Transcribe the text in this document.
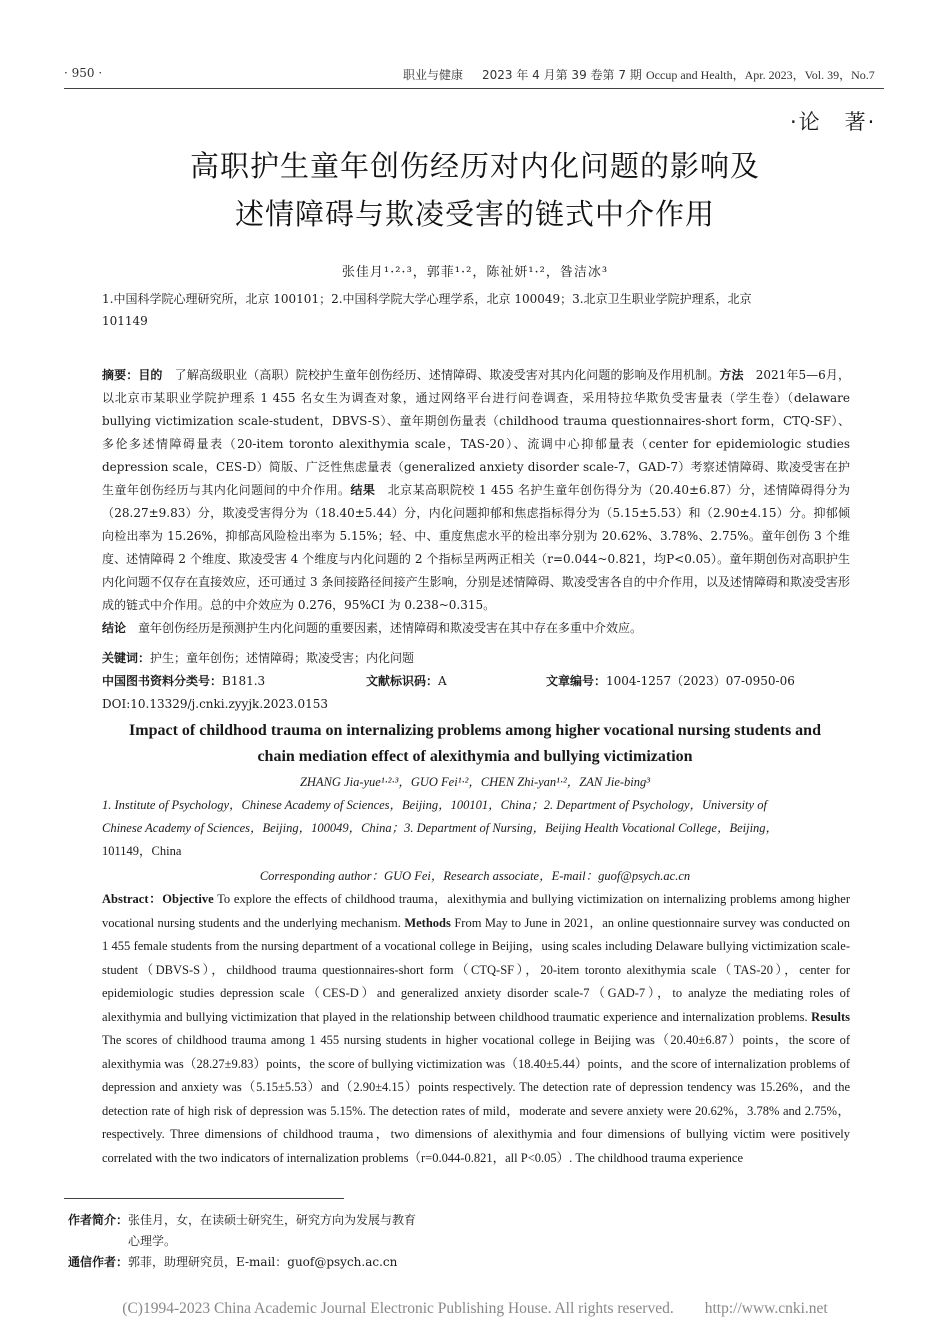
· 950 ·	职业与健康 2023 年 4 月第 39 卷第 7 期 Occup and Health，Apr. 2023，Vol. 39，No.7
·论　著·
高职护生童年创伤经历对内化问题的影响及
述情障碍与欺凌受害的链式中介作用
张佳月¹·²·³，郭菲¹·²，陈祉妍¹·²，昝洁冰³
1.中国科学院心理研究所，北京 100101；2.中国科学院大学心理学系，北京 100049；3.北京卫生职业学院护理系，北京
101149
摘要：目的　 了解高级职业（高职）院校护生童年创伤经历、述情障碍、欺凌受害对其内化问题的影响及作用机制。方法　 2021年5—6月，以北京市某职业学院护理系 1 455 名女生为调查对象，通过网络平台进行问卷调查，采用特拉华欺负受害量表（学生卷）（delaware bullying victimization scale-student，DBVS-S）、童年期创伤量表（childhood trauma questionnaires-short form，CTQ-SF）、多伦多述情障碍量表（20-item toronto alexithymia scale，TAS-20）、流调中心抑郁量表（center for epidemiologic studies depression scale，CES-D）简版、广泛性焦虑量表（generalized anxiety disorder scale-7，GAD-7）考察述情障碍、欺凌受害在护生童年创伤经历与其内化问题间的中介作用。结果　 北京某高职院校 1 455 名护生童年创伤得分为（20.40±6.87）分，述情障碍得分为（28.27±9.83）分，欺凌受害得分为（18.40±5.44）分，内化问题抑郁和焦虑指标得分为（5.15±5.53）和（2.90±4.15）分。抑郁倾向检出率为 15.26%，抑郁高风险检出率为 5.15%；轻、中、重度焦虑水平的检出率分别为 20.62%、3.78%、2.75%。童年创伤 3 个维度、述情障碍 2 个维度、欺凌受害 4 个维度与内化问题的 2 个指标呈两两正相关（r=0.044~0.821，均P<0.05）。童年期创伤对高职护生内化问题不仅存在直接效应，还可通过 3 条间接路径间接产生影响，分别是述情障碍、欺凌受害各自的中介作用，以及述情障碍和欺凌受害形成的链式中介作用。总的中介效应为 0.276，95%CI 为 0.238~0.315。
结论　 童年创伤经历是预测护生内化问题的重要因素，述情障碍和欺凌受害在其中存在多重中介效应。
关键词：护生；童年创伤；述情障碍；欺凌受害；内化问题
中国图书资料分类号：B181.3	文献标识码：A	文章编号：1004-1257（2023）07-0950-06
DOI:10.13329/j.cnki.zyyjk.2023.0153
Impact of childhood trauma on internalizing problems among higher vocational nursing students and
chain mediation effect of alexithymia and bullying victimization
ZHANG Jia-yue¹·²·³，GUO Fei¹·²，CHEN Zhi-yan¹·²，ZAN Jie-bing³
1. Institute of Psychology，Chinese Academy of Sciences，Beijing，100101，China；2. Department of Psychology，University of
Chinese Academy of Sciences，Beijing，100049，China；3. Department of Nursing，Beijing Health Vocational College，Beijing，
101149，China
Corresponding author：GUO Fei，Research associate，E-mail：guof@psych.ac.cn
Abstract：Objective To explore the effects of childhood trauma，alexithymia and bullying victimization on internalizing problems among higher vocational nursing students and the underlying mechanism. Methods From May to June in 2021，an online questionnaire survey was conducted on 1 455 female students from the nursing department of a vocational college in Beijing，using scales including Delaware bullying victimization scale-student（DBVS-S），childhood trauma questionnaires-short form（CTQ-SF），20-item toronto alexithymia scale（TAS-20），center for epidemiologic studies depression scale（CES-D）and generalized anxiety disorder scale-7（GAD-7），to analyze the mediating roles of alexithymia and bullying victimization that played in the relationship between childhood traumatic experience and internalization problems. Results The scores of childhood trauma among 1 455 nursing students in higher vocational college in Beijing was（20.40±6.87）points，the score of alexithymia was（28.27±9.83）points，the score of bullying victimization was（18.40±5.44）points，and the score of internalization problems of depression and anxiety was（5.15±5.53）and（2.90±4.15）points respectively. The detection rate of depression tendency was 15.26%，and the detection rate of high risk of depression was 5.15%. The detection rates of mild，moderate and severe anxiety were 20.62%，3.78% and 2.75%，respectively. Three dimensions of childhood trauma，two dimensions of alexithymia and four dimensions of bullying victim were positively correlated with the two indicators of internalization problems（r=0.044-0.821，all P<0.05）. The childhood trauma experience
作者简介：张佳月，女，在读硕士研究生，研究方向为发展与教育
心理学。
通信作者：郭菲，助理研究员，E-mail：guof@psych.ac.cn
(C)1994-2023 China Academic Journal Electronic Publishing House. All rights reserved.　　http://www.cnki.net
